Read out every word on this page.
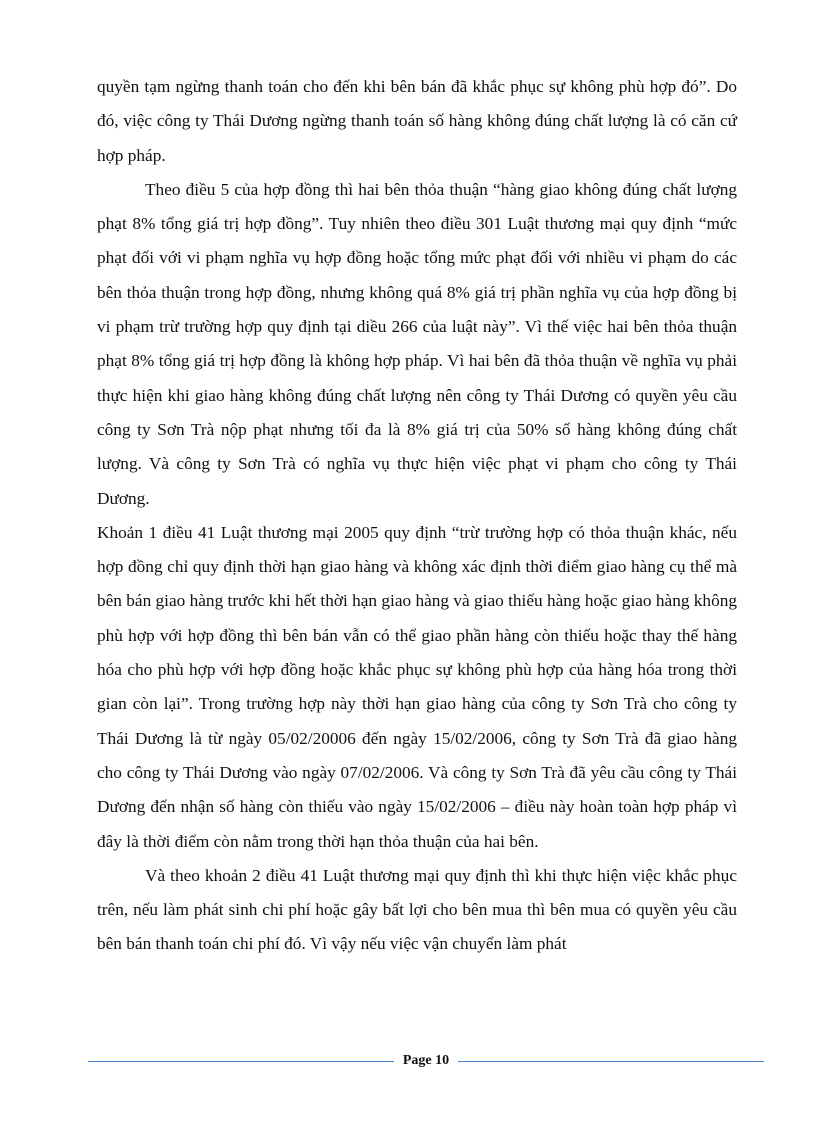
quyền tạm ngừng thanh toán cho đến khi bên bán đã khắc phục sự không phù hợp đó”. Do đó, việc công ty Thái Dương ngừng thanh toán số hàng không đúng chất lượng là có căn cứ hợp pháp.

Theo điều 5 của hợp đồng thì hai bên thỏa thuận “hàng giao không đúng chất lượng phạt 8% tổng giá trị hợp đồng”. Tuy nhiên theo điều 301 Luật thương mại quy định “mức phạt đối với vi phạm nghĩa vụ hợp đồng hoặc tổng mức phạt đối với nhiều vi phạm do các bên thỏa thuận trong hợp đồng, nhưng không quá 8% giá trị phần nghĩa vụ của hợp đồng bị vi phạm trừ trường hợp quy định tại diều 266 của luật này”. Vì thế việc hai bên thỏa thuận phạt 8% tổng giá trị hợp đồng là không hợp pháp. Vì hai bên đã thỏa thuận về nghĩa vụ phải thực hiện khi giao hàng không đúng chất lượng nên công ty Thái Dương có quyền yêu cầu công ty Sơn Trà nộp phạt nhưng tối đa là 8% giá trị của 50% số hàng không đúng chất lượng. Và công ty Sơn Trà có nghĩa vụ thực hiện việc phạt vi phạm cho công ty Thái Dương.

Khoản 1 điều 41 Luật thương mại 2005 quy định “trừ trường hợp có thỏa thuận khác, nếu hợp đồng chỉ quy định thời hạn giao hàng và không xác định thời điểm giao hàng cụ thể mà bên bán giao hàng trước khi hết thời hạn giao hàng và giao thiếu hàng hoặc giao hàng không phù hợp với hợp đồng thì bên bán vẫn có thể giao phần hàng còn thiếu hoặc thay thế hàng hóa cho phù hợp với hợp đồng hoặc khắc phục sự không phù hợp của hàng hóa trong thời gian còn lại”. Trong trường hợp này thời hạn giao hàng của công ty Sơn Trà cho công ty Thái Dương là từ ngày 05/02/20006 đến ngày 15/02/2006, công ty Sơn Trà đã giao hàng cho công ty Thái Dương vào ngày 07/02/2006. Và công ty Sơn Trà đã yêu cầu công ty Thái Dương đến nhận số hàng còn thiếu vào ngày 15/02/2006 – điều này hoàn toàn hợp pháp vì đây là thời điểm còn nằm trong thời hạn thỏa thuận của hai bên.

Và theo khoản 2 điều 41 Luật thương mại quy định thì khi thực hiện việc khắc phục trên, nếu làm phát sinh chi phí hoặc gây bất lợi cho bên mua thì bên mua có quyền yêu cầu bên bán thanh toán chi phí đó. Vì vậy nếu việc vận chuyển làm phát

Page 10
